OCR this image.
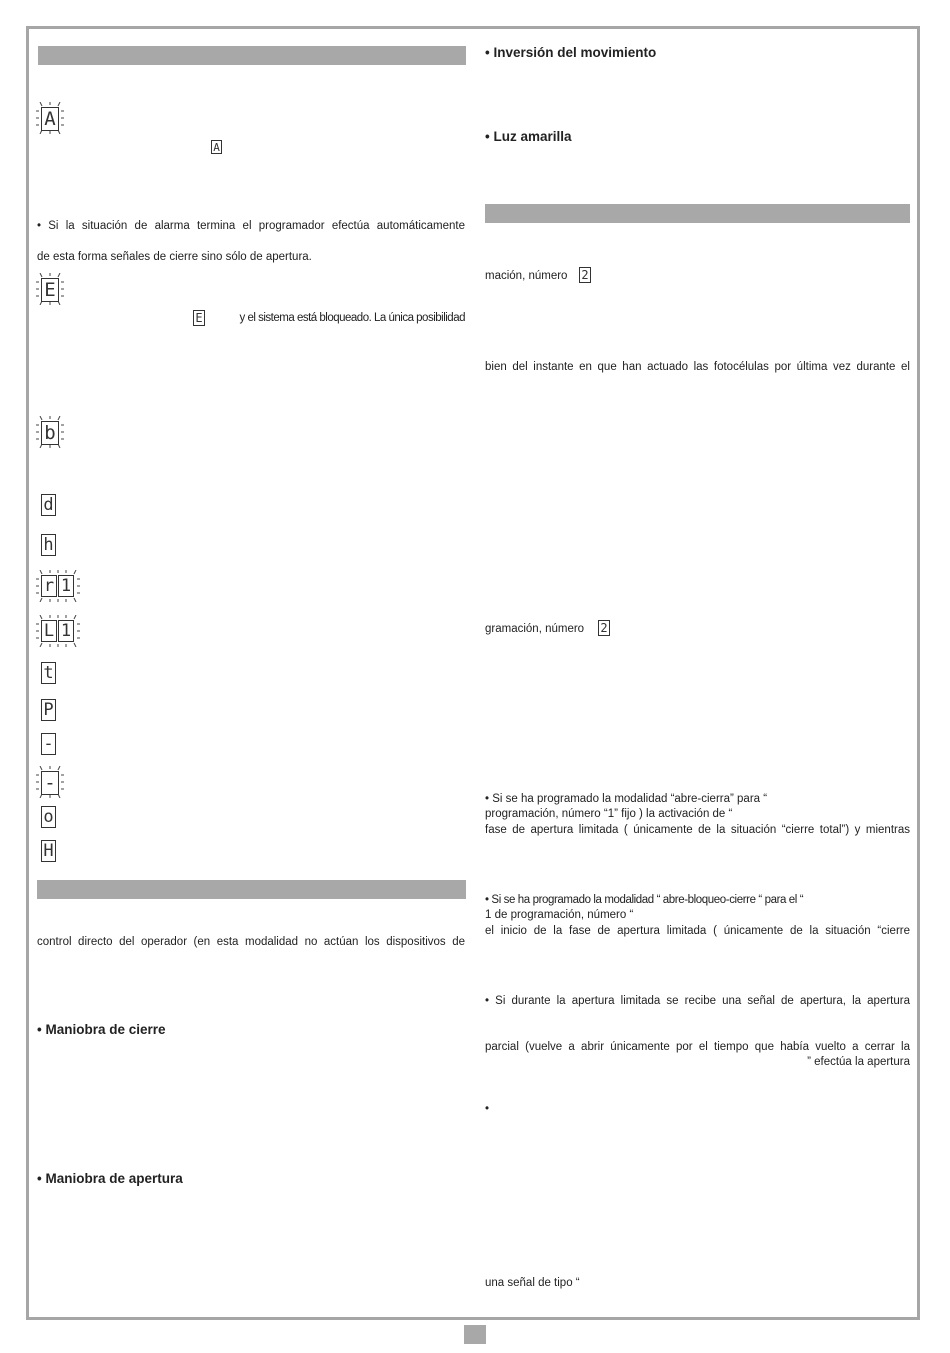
A
A
• Si la situación de alarma termina el programador efectúa automáticamente
de esta forma señales de cierre sino sólo de apertura.
E
E	y el sistema está bloqueado. La única posibilidad
b
d
h
r 1
L 1
t
P
-
-
o
H
control directo del operador (en esta modalidad no actúan los dispositivos de
• Maniobra de cierre
• Maniobra de apertura
• Inversión del movimiento
• Luz amarilla
mación, número 2
bien del instante en que han actuado las fotocélulas por última vez durante el
gramación, número 2
• Si se ha programado la modalidad “abre-cierra” para “
programación, número “1” fijo ) la activación de “
fase de apertura limitada ( únicamente de la situación “cierre total”) y mientras
• Si se ha programado la modalidad “ abre-bloqueo-cierre “ para el “
1 de programación, número “
el inicio de la fase de apertura limitada ( únicamente de la situación “cierre
• Si durante la apertura limitada se recibe una señal de apertura, la apertura
parcial (vuelve a abrir únicamente por el tiempo que había vuelto a cerrar la
” efectúa la apertura
•
una señal de tipo “
